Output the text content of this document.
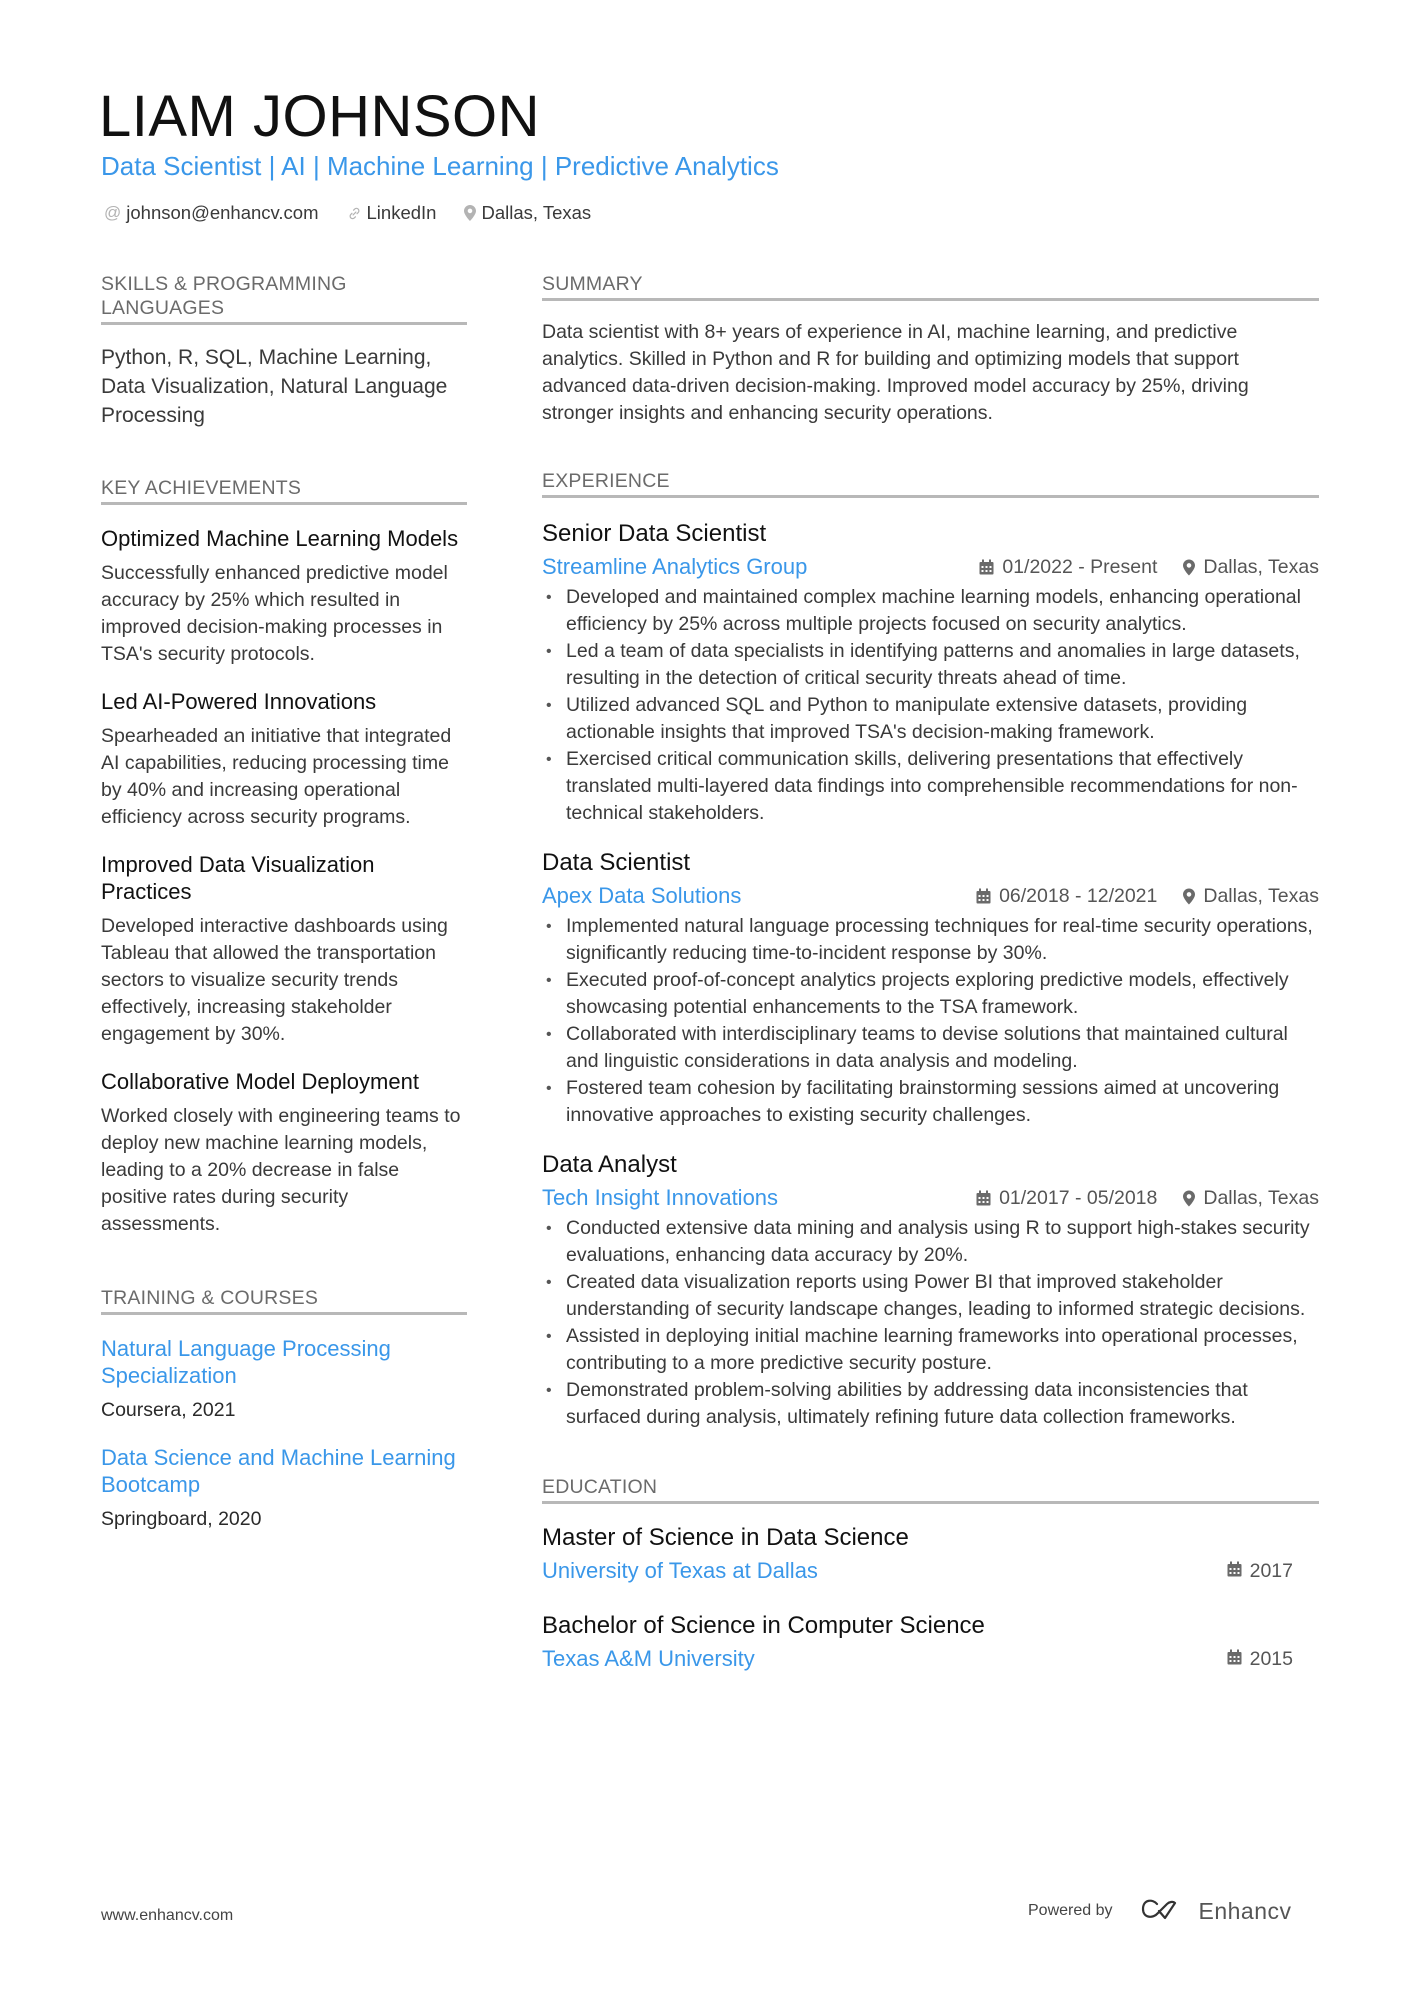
LIAM JOHNSON
Data Scientist | AI | Machine Learning | Predictive Analytics
@ johnson@enhancv.com	LinkedIn Dallas, Texas
SKILLS & PROGRAMMING LANGUAGES
Python, R, SQL, Machine Learning, Data Visualization, Natural Language Processing
KEY ACHIEVEMENTS
Optimized Machine Learning Models
Successfully enhanced predictive model accuracy by 25% which resulted in improved decision-making processes in TSA's security protocols.
Led AI-Powered Innovations
Spearheaded an initiative that integrated AI capabilities, reducing processing time by 40% and increasing operational efficiency across security programs.
Improved Data Visualization Practices
Developed interactive dashboards using Tableau that allowed the transportation sectors to visualize security trends effectively, increasing stakeholder engagement by 30%.
Collaborative Model Deployment
Worked closely with engineering teams to deploy new machine learning models, leading to a 20% decrease in false positive rates during security assessments.
TRAINING & COURSES
Natural Language Processing Specialization
Coursera, 2021
Data Science and Machine Learning Bootcamp
Springboard, 2020
SUMMARY
Data scientist with 8+ years of experience in AI, machine learning, and predictive analytics. Skilled in Python and R for building and optimizing models that support advanced data-driven decision-making. Improved model accuracy by 25%, driving stronger insights and enhancing security operations.
EXPERIENCE
Senior Data Scientist
Streamline Analytics Group	01/2022 - Present Dallas, Texas
• Developed and maintained complex machine learning models, enhancing operational efficiency by 25% across multiple projects focused on security analytics.
• Led a team of data specialists in identifying patterns and anomalies in large datasets, resulting in the detection of critical security threats ahead of time.
• Utilized advanced SQL and Python to manipulate extensive datasets, providing actionable insights that improved TSA's decision-making framework.
• Exercised critical communication skills, delivering presentations that effectively translated multi-layered data findings into comprehensible recommendations for non-technical stakeholders.
Data Scientist
Apex Data Solutions	06/2018 - 12/2021 Dallas, Texas
• Implemented natural language processing techniques for real-time security operations, significantly reducing time-to-incident response by 30%.
• Executed proof-of-concept analytics projects exploring predictive models, effectively showcasing potential enhancements to the TSA framework.
• Collaborated with interdisciplinary teams to devise solutions that maintained cultural and linguistic considerations in data analysis and modeling.
• Fostered team cohesion by facilitating brainstorming sessions aimed at uncovering innovative approaches to existing security challenges.
Data Analyst
Tech Insight Innovations	01/2017 - 05/2018 Dallas, Texas
• Conducted extensive data mining and analysis using R to support high-stakes security evaluations, enhancing data accuracy by 20%.
• Created data visualization reports using Power BI that improved stakeholder understanding of security landscape changes, leading to informed strategic decisions.
• Assisted in deploying initial machine learning frameworks into operational processes, contributing to a more predictive security posture.
• Demonstrated problem-solving abilities by addressing data inconsistencies that surfaced during analysis, ultimately refining future data collection frameworks.
EDUCATION
Master of Science in Data Science
University of Texas at Dallas	2017
Bachelor of Science in Computer Science
Texas A&M University	2015
www.enhancv.com	Powered by	Enhancv
